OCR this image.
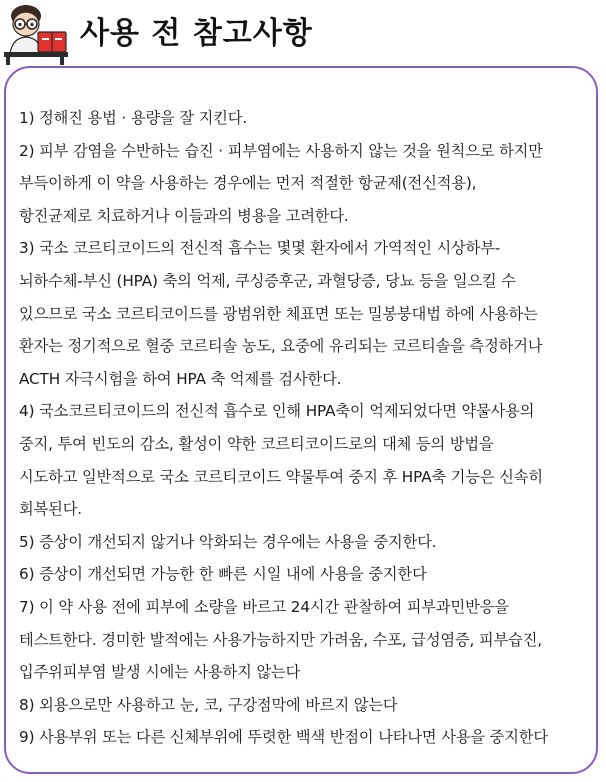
사용 전 참고사항
1) 정해진 용법 · 용량을 잘 지킨다.
2) 피부 감염을 수반하는 습진 · 피부염에는 사용하지 않는 것을 원칙으로 하지만
부득이하게 이 약을 사용하는 경우에는 먼저 적절한 항균제(전신적용),
항진균제로 치료하거나 이들과의 병용을 고려한다.
3) 국소 코르티코이드의 전신적 흡수는 몇몇 환자에서 가역적인 시상하부-
뇌하수체-부신 (HPA) 축의 억제, 쿠싱증후군, 과혈당증, 당뇨 등을 일으킬 수
있으므로 국소 코르티코이드를 광범위한 체표면 또는 밀봉붕대법 하에 사용하는
환자는 정기적으로 혈중 코르티솔 농도, 요중에 유리되는 코르티솔을 측정하거나
ACTH 자극시험을 하여 HPA 축 억제를 검사한다.
4) 국소코르티코이드의 전신적 흡수로 인해 HPA축이 억제되었다면 약물사용의
중지, 투여 빈도의 감소, 활성이 약한 코르티코이드로의 대체 등의 방법을
시도하고 일반적으로 국소 코르티코이드 약물투여 중지 후 HPA축 기능은 신속히
회복된다.
5) 증상이 개선되지 않거나 악화되는 경우에는 사용을 중지한다.
6) 증상이 개선되면 가능한 한 빠른 시일 내에 사용을 중지한다
7) 이 약 사용 전에 피부에 소량을 바르고 24시간 관찰하여 피부과민반응을
테스트한다. 경미한 발적에는 사용가능하지만 가려움, 수포, 급성염증, 피부습진,
입주위피부염 발생 시에는 사용하지 않는다
8) 외용으로만 사용하고 눈, 코, 구강점막에 바르지 않는다
9) 사용부위 또는 다른 신체부위에 뚜렷한 백색 반점이 나타나면 사용을 중지한다
